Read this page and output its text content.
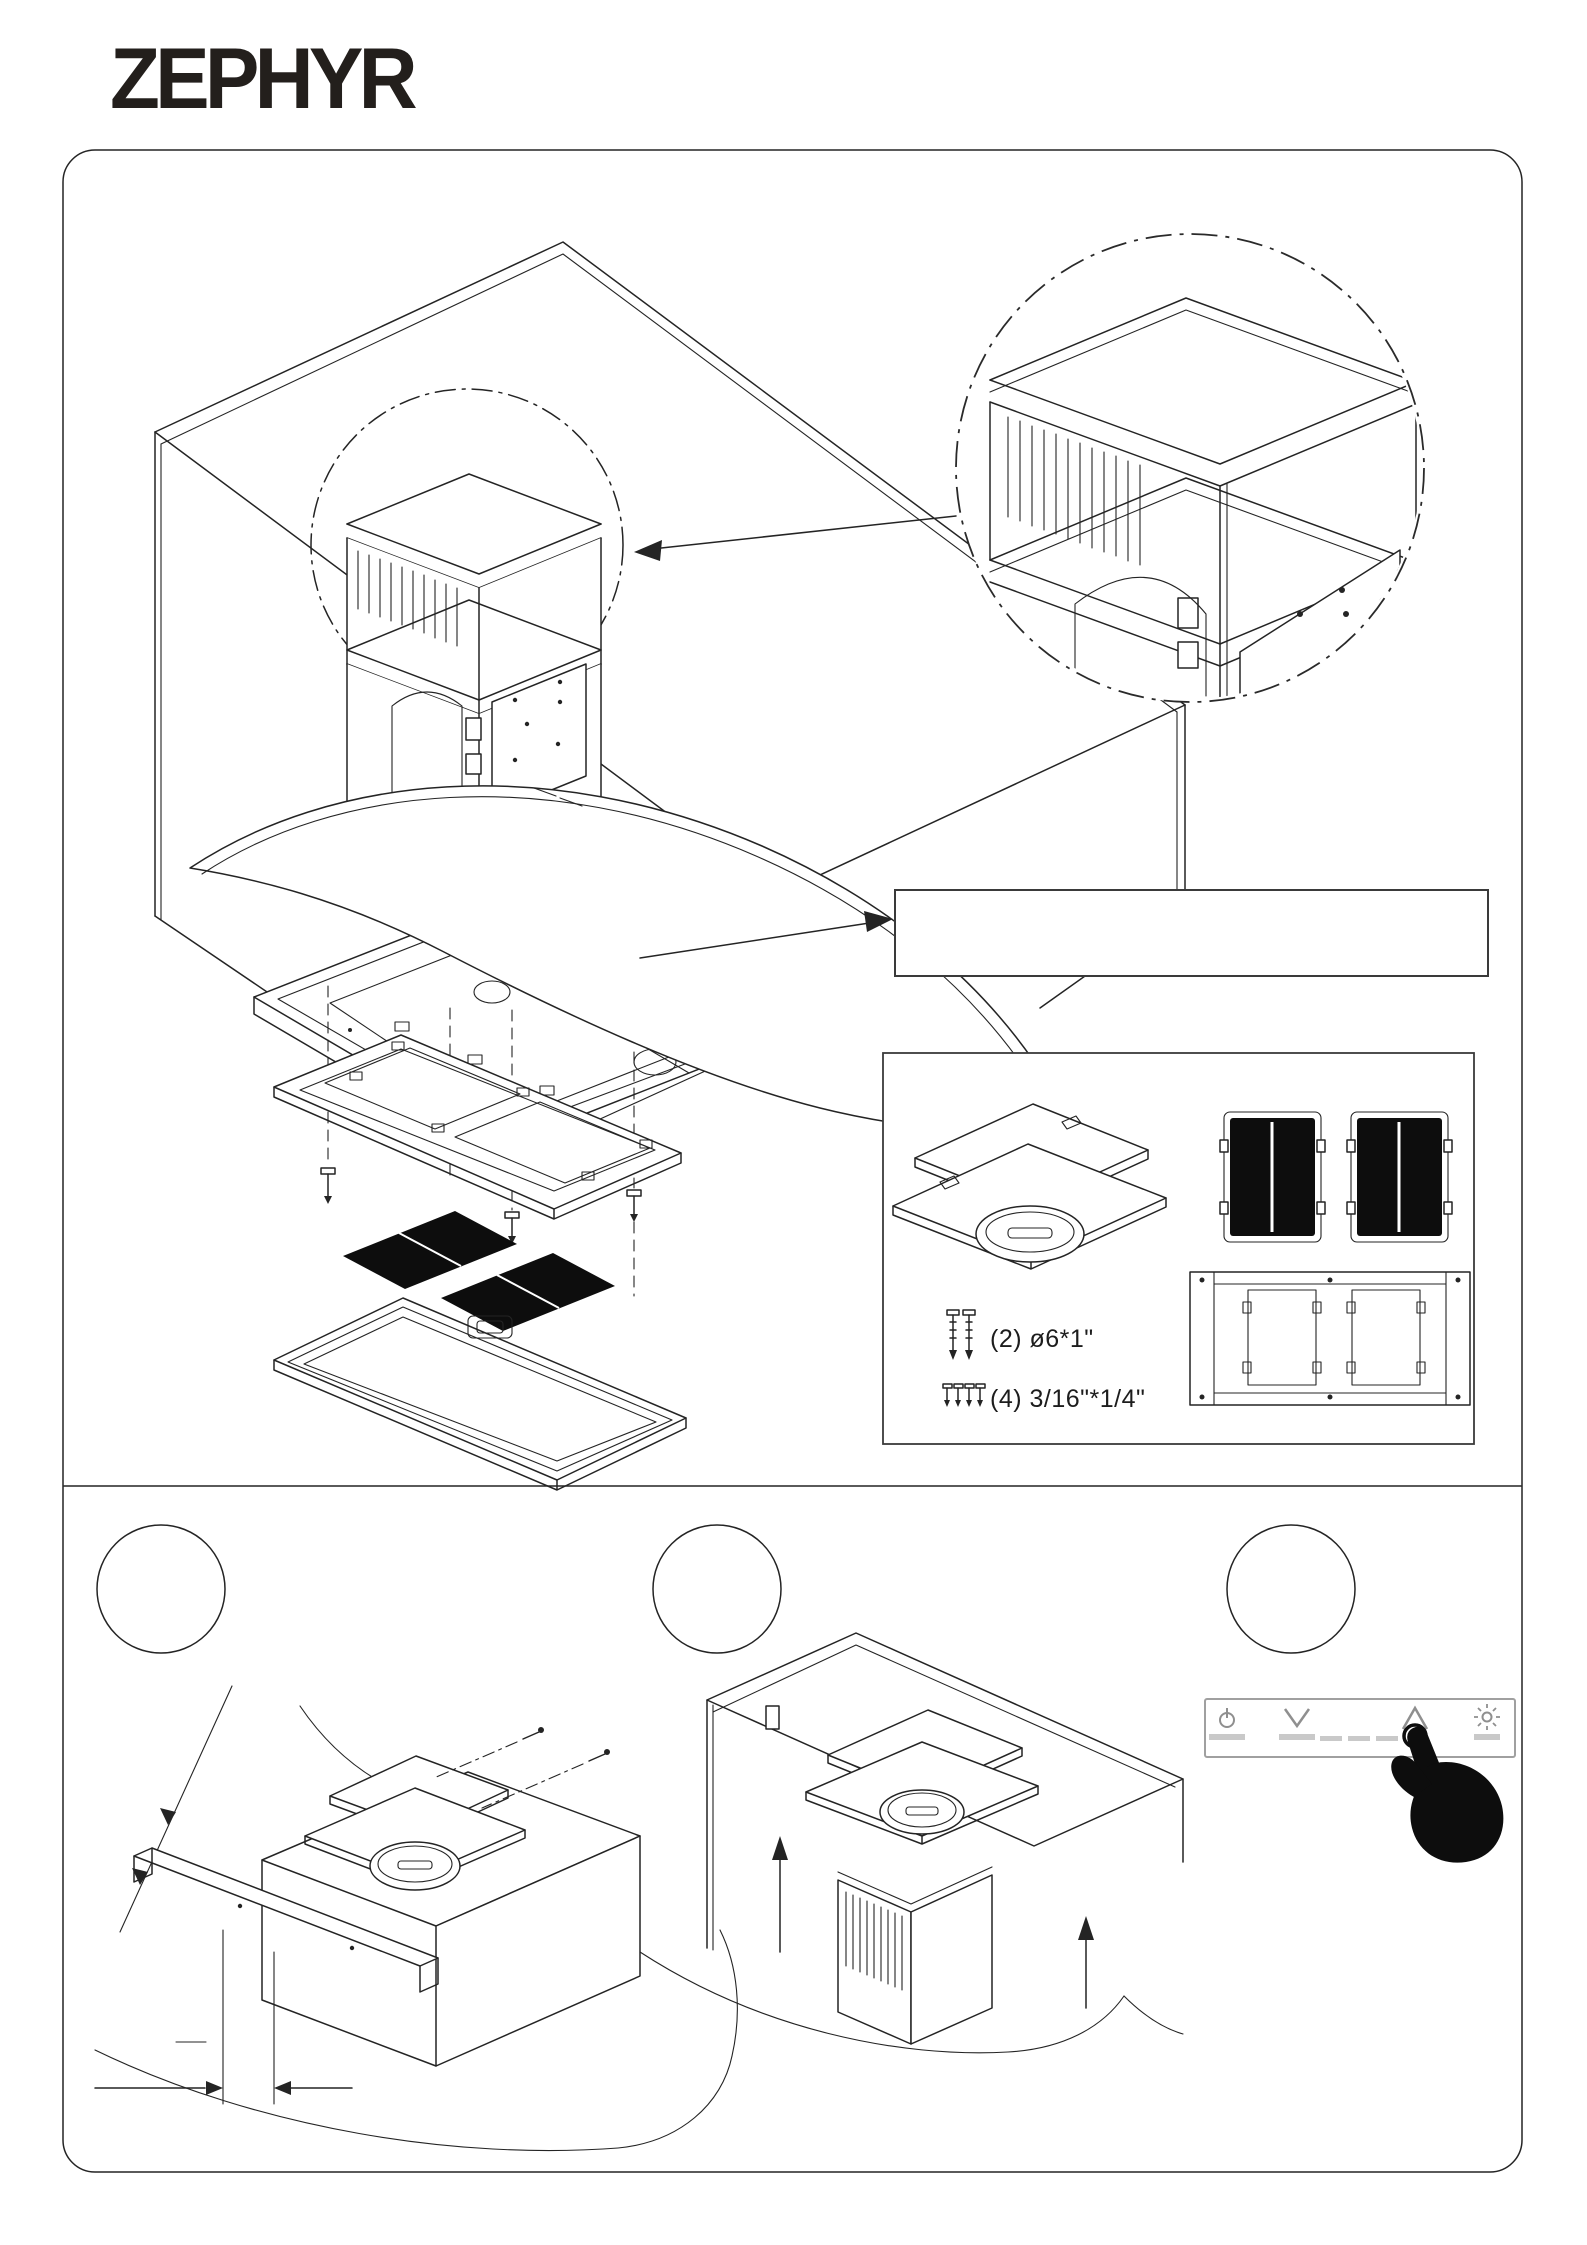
ZEPHYR
(2) ø6*1"
(4) 3/16"*1/4"
